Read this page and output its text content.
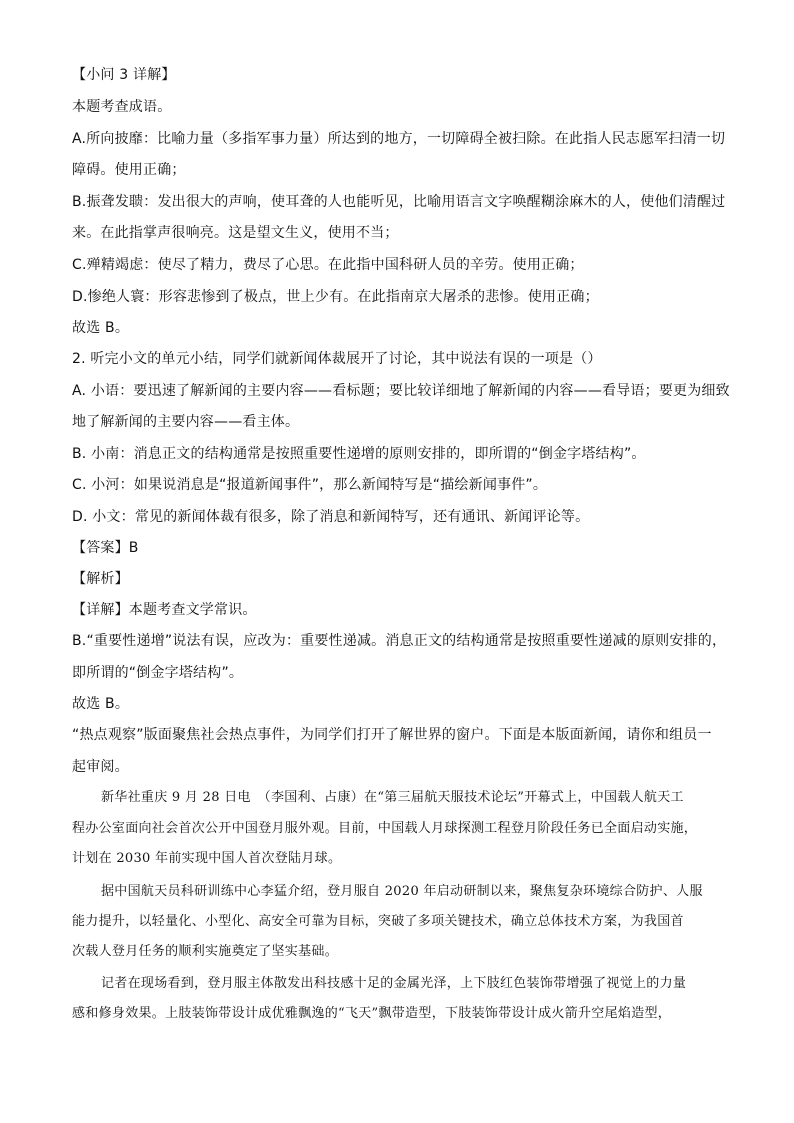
【小问 3 详解】
本题考查成语。
A.所向披靡：比喻力量（多指军事力量）所达到的地方，一切障碍全被扫除。在此指人民志愿军扫清一切
障碍。使用正确；
B.振聋发聩：发出很大的声响，使耳聋的人也能听见，比喻用语言文字唤醒糊涂麻木的人，使他们清醒过
来。在此指掌声很响亮。这是望文生义，使用不当；
C.殚精竭虑：使尽了精力，费尽了心思。在此指中国科研人员的辛劳。使用正确；
D.惨绝人寰：形容悲惨到了极点，世上少有。在此指南京大屠杀的悲惨。使用正确；
故选 B。
2. 听完小文的单元小结，同学们就新闻体裁展开了讨论，其中说法有误的一项是（）
A. 小语：要迅速了解新闻的主要内容——看标题；要比较详细地了解新闻的内容——看导语；要更为细致
地了解新闻的主要内容——看主体。
B. 小南：消息正文的结构通常是按照重要性递增的原则安排的，即所谓的“倒金字塔结构”。
C. 小河：如果说消息是“报道新闻事件”，那么新闻特写是“描绘新闻事件”。
D. 小文：常见的新闻体裁有很多，除了消息和新闻特写，还有通讯、新闻评论等。
【答案】B
【解析】
【详解】本题考查文学常识。
B.“重要性递增”说法有误，应改为：重要性递减。消息正文的结构通常是按照重要性递减的原则安排的，
即所谓的“倒金字塔结构”。
故选 B。
“热点观察”版面聚焦社会热点事件，为同学们打开了解世界的窗户。下面是本版面新闻，请你和组员一
起审阅。
新华社重庆 9 月 28 日电　（李国利、占康）在“第三届航天服技术论坛”开幕式上，中国载人航天工
程办公室面向社会首次公开中国登月服外观。目前，中国载人月球探测工程登月阶段任务已全面启动实施，
计划在 2030 年前实现中国人首次登陆月球。
据中国航天员科研训练中心李猛介绍，登月服自 2020 年启动研制以来，聚焦复杂环境综合防护、人服
能力提升，以轻量化、小型化、高安全可靠为目标，突破了多项关键技术，确立总体技术方案，为我国首
次载人登月任务的顺利实施奠定了坚实基础。
记者在现场看到，登月服主体散发出科技感十足的金属光泽，上下肢红色装饰带增强了视觉上的力量
感和修身效果。上肢装饰带设计成优雅飘逸的“飞天”飘带造型，下肢装饰带设计成火箭升空尾焰造型，
